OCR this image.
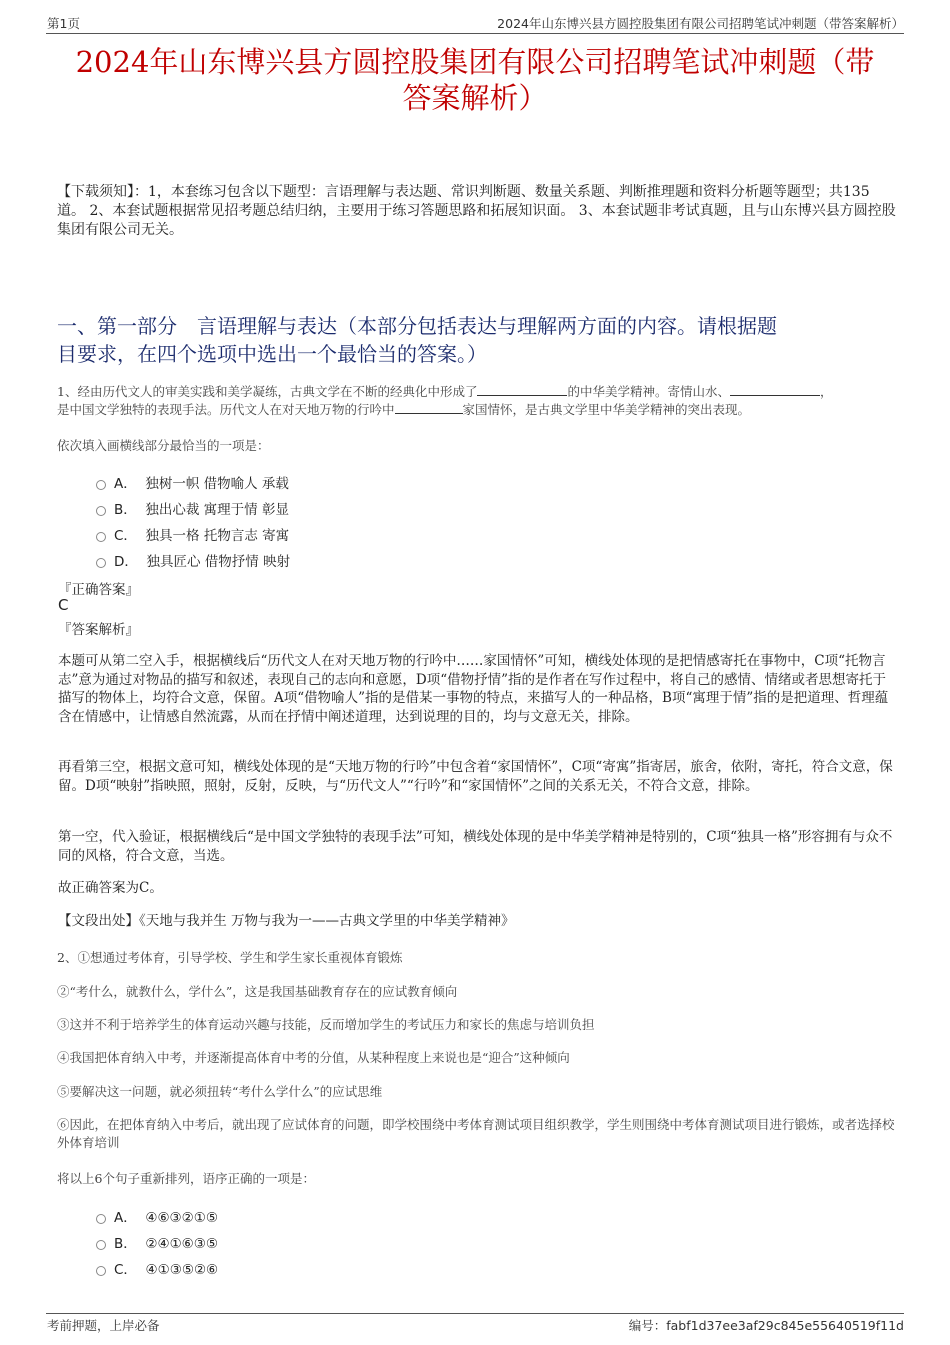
第1页	2024年山东博兴县方圆控股集团有限公司招聘笔试冲刺题（带答案解析）
2024年山东博兴县方圆控股集团有限公司招聘笔试冲刺题（带
答案解析）
【下载须知】：1，本套练习包含以下题型：言语理解与表达题、常识判断题、数量关系题、判断推理题和资料分析题等题型；共135道。 2、本套试题根据常见招考题总结归纳，主要用于练习答题思路和拓展知识面。 3、本套试题非考试真题，且与山东博兴县方圆控股集团有限公司无关。
一、第一部分　言语理解与表达（本部分包括表达与理解两方面的内容。请根据题
目要求，在四个选项中选出一个最恰当的答案。）
1、经由历代文人的审美实践和美学凝练，古典文学在不断的经典化中形成了	的中华美学精神。寄情山水、	，
是中国文学独特的表现手法。历代文人在对天地万物的行吟中	家国情怀，是古典文学里中华美学精神的突出表现。
依次填入画横线部分最恰当的一项是：
A． 独树一帜 借物喻人 承载
B． 独出心裁 寓理于情 彰显
C． 独具一格 托物言志 寄寓
D． 独具匠心 借物抒情 映射
『正确答案』
C
『答案解析』
本题可从第二空入手，根据横线后“历代文人在对天地万物的行吟中……家国情怀”可知，横线处体现的是把情感寄托在事物中，C项“托物言志”意为通过对物品的描写和叙述，表现自己的志向和意愿，D项“借物抒情”指的是作者在写作过程中，将自己的感情、情绪或者思想寄托于描写的物体上，均符合文意，保留。A项“借物喻人”指的是借某一事物的特点，来描写人的一种品格，B项“寓理于情”指的是把道理、哲理蕴含在情感中，让情感自然流露，从而在抒情中阐述道理，达到说理的目的，均与文意无关，排除。
再看第三空，根据文意可知，横线处体现的是“天地万物的行吟”中包含着“家国情怀”，C项“寄寓”指寄居，旅舍，依附，寄托，符合文意，保留。D项“映射”指映照，照射，反射，反映，与“历代文人”“行吟”和“家国情怀”之间的关系无关，不符合文意，排除。
第一空，代入验证，根据横线后“是中国文学独特的表现手法”可知，横线处体现的是中华美学精神是特别的，C项“独具一格”形容拥有与众不同的风格，符合文意，当选。
故正确答案为C。
【文段出处】《天地与我并生 万物与我为一——古典文学里的中华美学精神》
2、①想通过考体育，引导学校、学生和学生家长重视体育锻炼
②“考什么，就教什么，学什么”，这是我国基础教育存在的应试教育倾向
③这并不利于培养学生的体育运动兴趣与技能，反而增加学生的考试压力和家长的焦虑与培训负担
④我国把体育纳入中考，并逐渐提高体育中考的分值，从某种程度上来说也是“迎合”这种倾向
⑤要解决这一问题，就必须扭转“考什么学什么”的应试思维
⑥因此，在把体育纳入中考后，就出现了应试体育的问题，即学校围绕中考体育测试项目组织教学，学生则围绕中考体育测试项目进行锻炼，或者选择校外体育培训
将以上6个句子重新排列，语序正确的一项是：
A． ④⑥③②①⑤
B． ②④①⑥③⑤
C． ④①③⑤②⑥
考前押题，上岸必备	编号：fabf1d37ee3af29c845e55640519f11d
